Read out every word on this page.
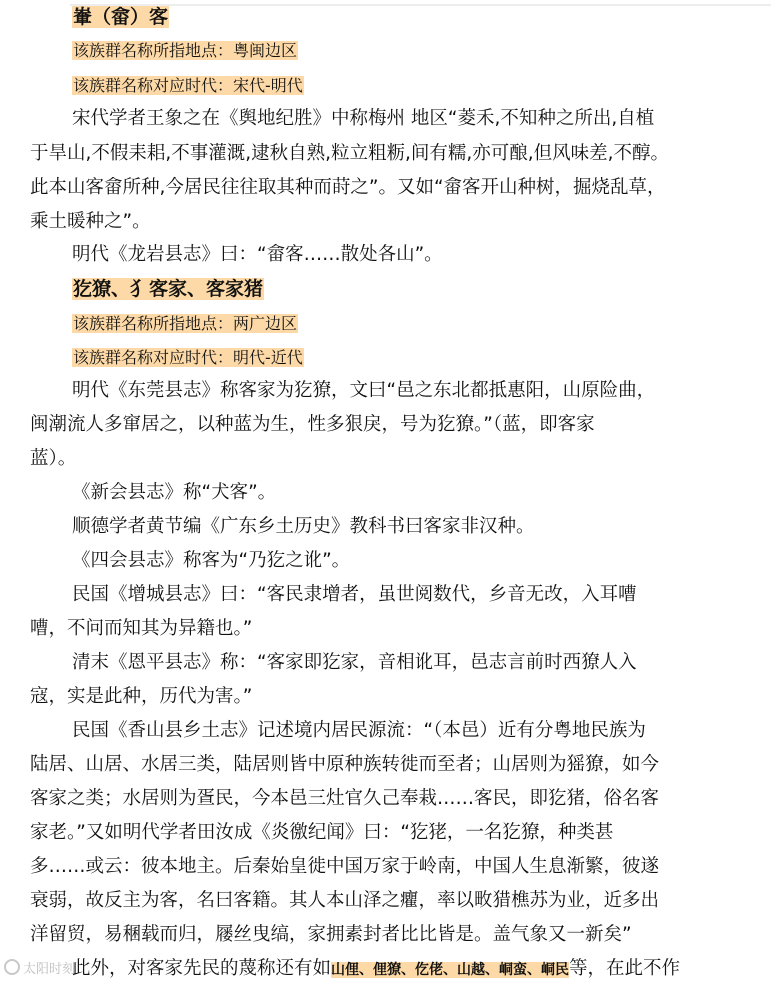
輋（畲）客
该族群名称所指地点：粤闽边区
该族群名称对应时代：宋代-明代
宋代学者王象之在《舆地纪胜》中称梅州 地区“菱禾,不知种之所出,自植
于旱山,不假耒耜,不事灌溉,逮秋自熟,粒立粗粝,间有糯,亦可酿,但风味差,不醇。
此本山客畲所种,今居民往往取其种而莳之”。又如“畲客开山种树，掘烧乱草，
乘土暖种之”。
明代《龙岩县志》曰：“畲客……散处各山”。
犵獠、犭客家、客家猪
该族群名称所指地点：两广边区
该族群名称对应时代：明代-近代
明代《东莞县志》称客家为犵獠，文曰“邑之东北都抵惠阳，山原险曲，
闽潮流人多窜居之，以种蓝为生，性多狠戾，号为犵獠。”（蓝，即客家
蓝）。
《新会县志》称“犬客”。
顺德学者黄节编《广东乡土历史》教科书曰客家非汉种。
《四会县志》称客为“乃犵之讹”。
民国《增城县志》曰：“客民隶增者，虽世阅数代，乡音无改，入耳嘈
嘈，不问而知其为异籍也。”
清末《恩平县志》称：“客家即犵家，音相讹耳，邑志言前时西獠人入
寇，实是此种，历代为害。”
民国《香山县乡土志》记述境内居民源流：“（本邑）近有分粤地民族为
陆居、山居、水居三类，陆居则皆中原种族转徙而至者；山居则为猺獠，如今
客家之类；水居则为疍民，今本邑三灶官久己奉栽……客民，即犵猪，俗名客
家老。”又如明代学者田汝成《炎徼纪闻》曰：“犵狫，一名犵獠，种类甚
多……或云：彼本地主。后秦始皇徙中国万家于岭南，中国人生息渐繁，彼遂
衰弱，故反主为客，名曰客籍。其人本山泽之癯，率以畋猎樵苏为业，近多出
洋留贸，易稛载而归，屦丝曳缟，家拥素封者比比皆是。盖气象又一新矣”
此外，对客家先民的蔑称还有如山俚、俚獠、仡佬、山越、峒蛮、峒民等，在此不作
太阳时刻
